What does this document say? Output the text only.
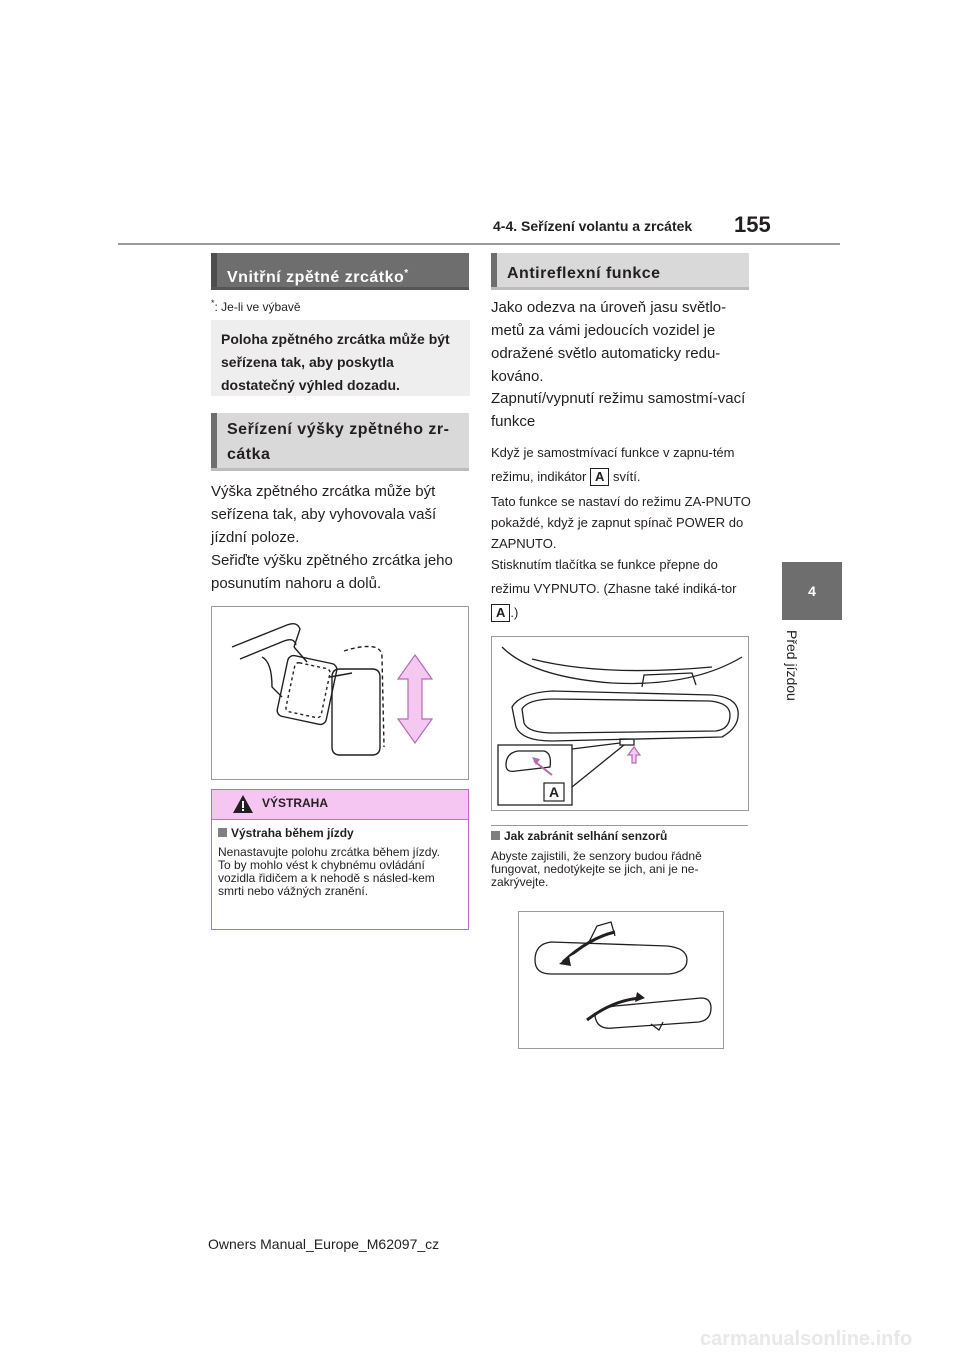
4-4. Seřízení volantu a zrcátek 155
4
Před jízdou
Vnitřní zpětné zrcátko*
*: Je-li ve výbavě
Poloha zpětného zrcátka může být seřízena tak, aby poskytla dostatečný výhled dozadu.
Seřízení výšky zpětného zr-cátka
Výška zpětného zrcátka může být seřízena tak, aby vyhovovala vaší jízdní poloze.
Seřiďte výšku zpětného zrcátka jeho posunutím nahoru a dolů.
VÝSTRAHA
Výstraha během jízdy
Nenastavujte polohu zrcátka během jízdy.
To by mohlo vést k chybnému ovládání vozidla řidičem a k nehodě s násled-kem smrti nebo vážných zranění.
Antireflexní funkce
Jako odezva na úroveň jasu světlo-metů za vámi jedoucích vozidel je odražené světlo automaticky redu-kováno.
Zapnutí/vypnutí režimu samostmí-vací funkce
Když je samostmívací funkce v zapnu-tém režimu, indikátor A svítí.
Tato funkce se nastaví do režimu ZA-PNUTO pokaždé, když je zapnut spínač POWER do ZAPNUTO.
Stisknutím tlačítka se funkce přepne do režimu VYPNUTO. (Zhasne také indiká-tor A .)
A
Jak zabránit selhání senzorů
Abyste zajistili, že senzory budou řádně fungovat, nedotýkejte se jich, ani je ne-zakrývejte.
Owners Manual_Europe_M62097_cz
carmanualsonline.info
